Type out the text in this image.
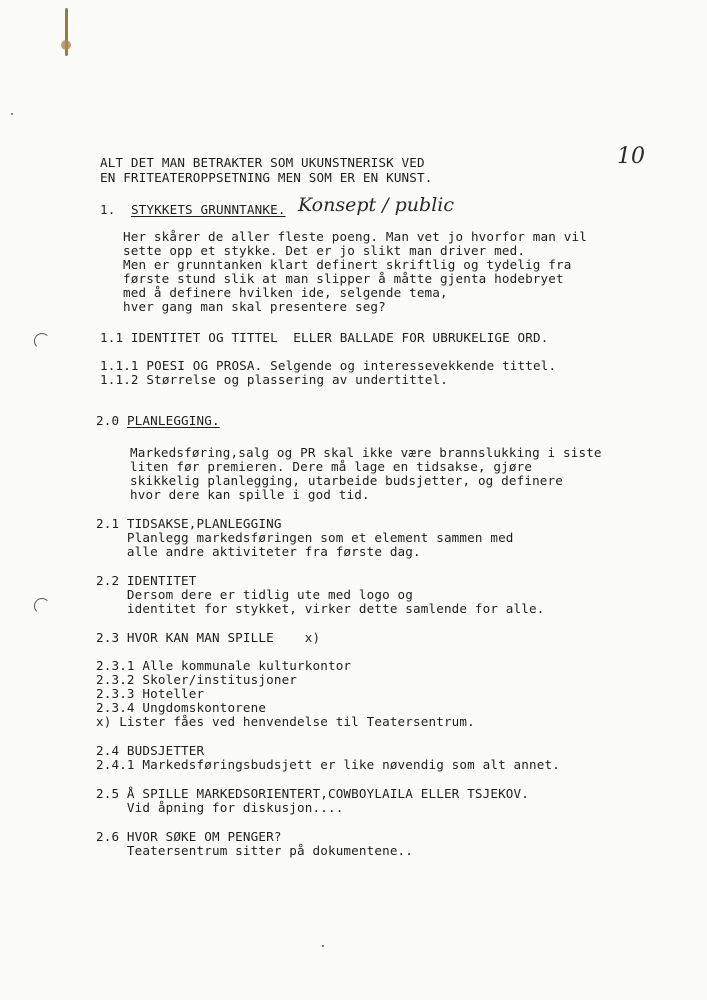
10
ALT DET MAN BETRAKTER SOM UKUNSTNERISK VED
EN FRITEATEROPPSETNING MEN SOM ER EN KUNST.
1. STYKKETS GRUNNTANKE. Konsept / public
Her skårer de aller fleste poeng. Man vet jo hvorfor man vil
sette opp et stykke. Det er jo slikt man driver med.
Men er grunntanken klart definert skriftlig og tydelig fra
første stund slik at man slipper å måtte gjenta hodebryet
med å definere hvilken ide, selgende tema,
hver gang man skal presentere seg?
1.1 IDENTITET OG TITTEL  ELLER BALLADE FOR UBRUKELIGE ORD.
1.1.1 POESI OG PROSA. Selgende og interessevekkende tittel.
1.1.2 Størrelse og plassering av undertittel.
2.0 PLANLEGGING.
Markedsføring,salg og PR skal ikke være brannslukking i siste
liten før premieren. Dere må lage en tidsakse, gjøre
skikkelig planlegging, utarbeide budsjetter, og definere
hvor dere kan spille i god tid.
2.1 TIDSAKSE,PLANLEGGING
Planlegg markedsføringen som et element sammen med
alle andre aktiviteter fra første dag.
2.2 IDENTITET
Dersom dere er tidlig ute med logo og
identitet for stykket, virker dette samlende for alle.
2.3 HVOR KAN MAN SPILLE    x)
2.3.1 Alle kommunale kulturkontor
2.3.2 Skoler/institusjoner
2.3.3 Hoteller
2.3.4 Ungdomskontorene
x) Lister fåes ved henvendelse til Teatersentrum.
2.4 BUDSJETTER
2.4.1 Markedsføringsbudsjett er like nøvendig som alt annet.
2.5 Å SPILLE MARKEDSORIENTERT,COWBOYLAILA ELLER TSJEKOV.
Vid åpning for diskusjon....
2.6 HVOR SØKE OM PENGER?
Teatersentrum sitter på dokumentene..
